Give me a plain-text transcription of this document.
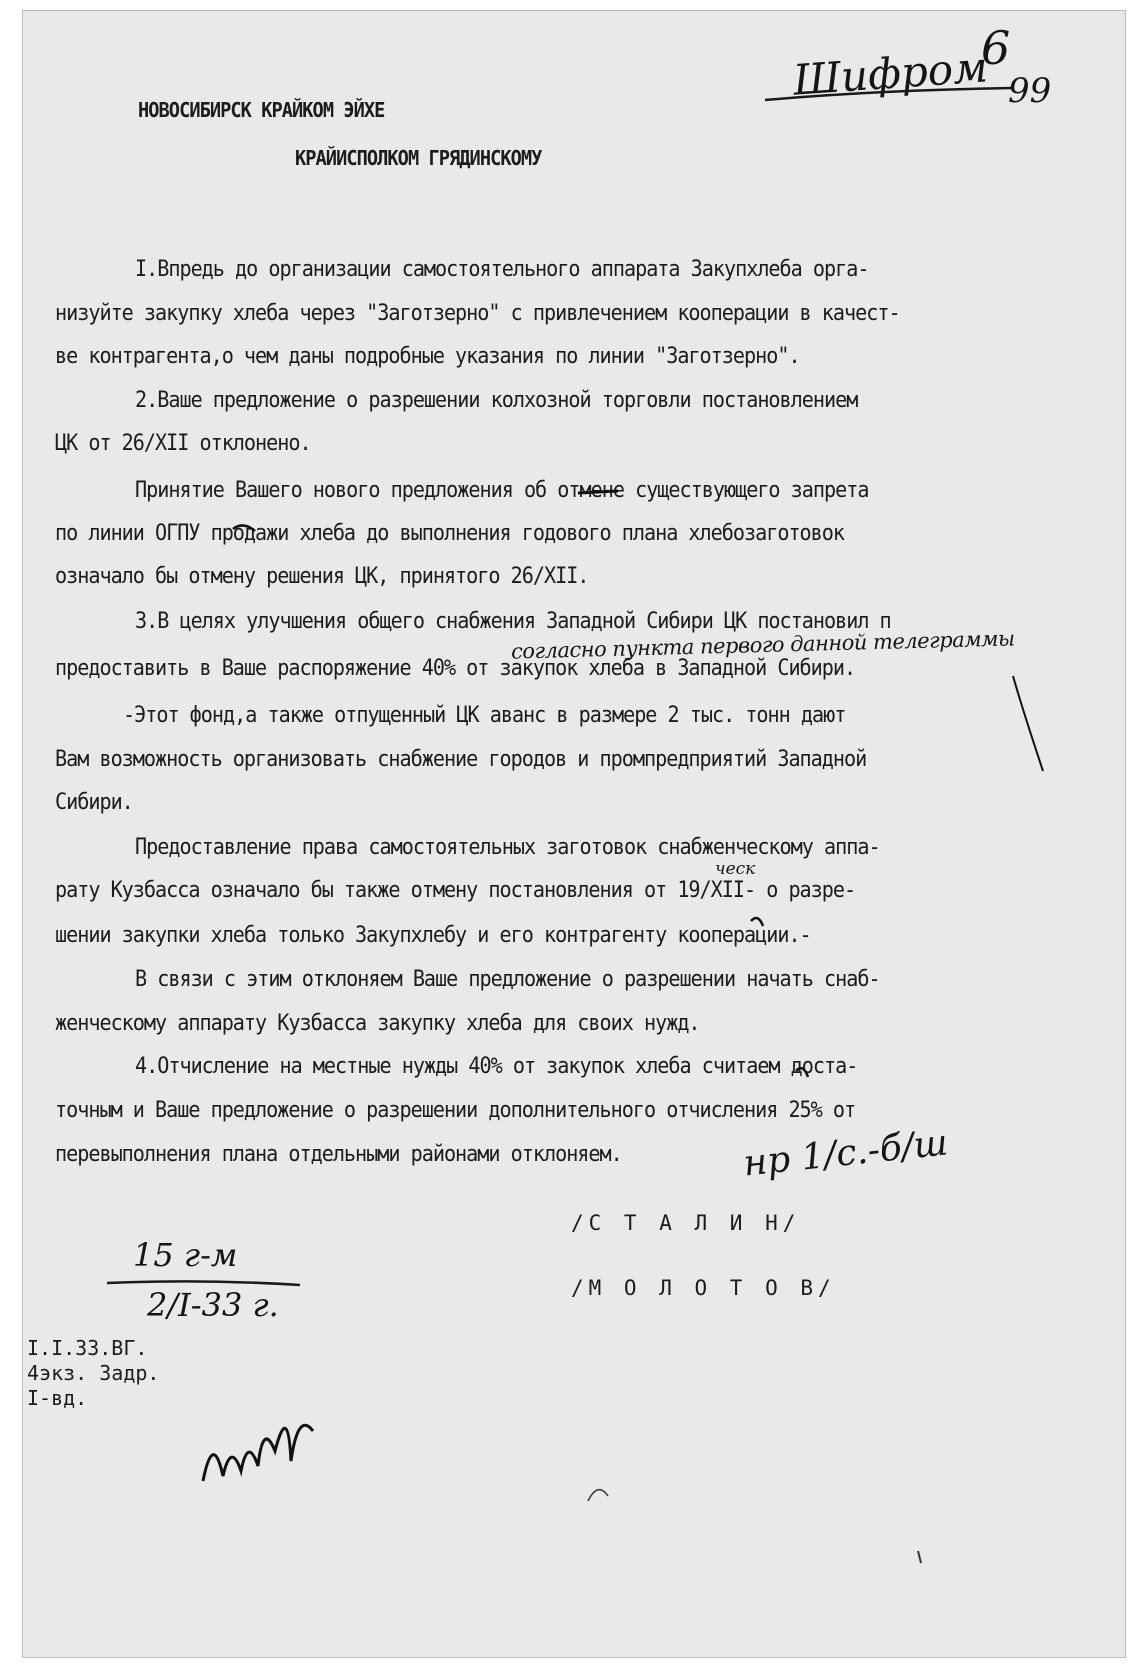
Шифром
6
99
НОВОСИБИРСК КРАЙКОМ ЭЙХЕ
КРАЙИСПОЛКОМ ГРЯДИНСКОМУ
I.Впредь до организации самостоятельного аппарата Закупхлеба орга-
низуйте закупку хлеба через "Заготзерно" с привлечением кооперации в качест-
ве контрагента,о чем даны подробные указания по линии "Заготзерно".
2.Ваше предложение о разрешении колхозной торговли постановлением
ЦК от 26/XII отклонено.
Принятие Вашего нового предложения об отмене существующего запрета
по линии ОГПУ продажи хлеба до выполнения годового плана хлебозаготовок
означало бы отмену решения ЦК, принятого 26/XII.
3.В целях улучшения общего снабжения Западной Сибири ЦК постановил п
предоставить в Ваше распоряжение 40% от закупок хлеба в Западной Сибири.
-Этот фонд,а также отпущенный ЦК аванс в размере 2 тыс. тонн дают
Вам возможность организовать снабжение городов и промпредприятий Западной
Сибири.
Предоставление права самостоятельных заготовок снабженческому аппа-
рату Кузбасса означало бы также отмену постановления от 19/XII- о разре-
шении закупки хлеба только Закупхлебу и его контрагенту кооперации.-
В связи с этим отклоняем Ваше предложение о разрешении начать снаб-
женческому аппарату Кузбасса закупку хлеба для своих нужд.
4.Отчисление на местные нужды 40% от закупок хлеба считаем доста-
точным и Ваше предложение о разрешении дополнительного отчисления 25% от
перевыполнения плана отдельными районами отклоняем.
согласно пункта первого данной телеграммы
ческ
нр 1/с.-б/ш
/С Т А Л И Н/
/М О Л О Т О В/
15 г-м
2/I-33 г.
I.I.33.ВГ.
4экз. Задр.
I-вд.
